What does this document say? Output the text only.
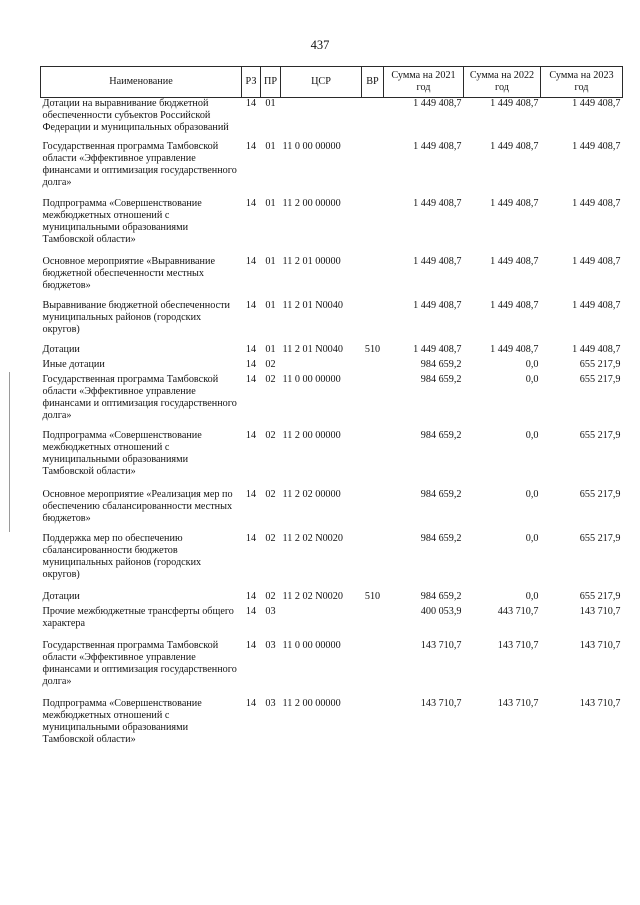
437
Наименование	РЗ	ПР	ЦСР	ВР	Сумма на 2021 год	Сумма на 2022 год	Сумма на 2023 год
Дотации на выравнивание бюджетной обеспеченности субъектов Российской Федерации и муниципальных образований	14	01			1 449 408,7	1 449 408,7	1 449 408,7
Государственная программа Тамбовской области «Эффективное управление финансами и оптимизация государственного долга»	14	01	11 0 00 00000		1 449 408,7	1 449 408,7	1 449 408,7
Подпрограмма «Совершенствование межбюджетных отношений с муниципальными образованиями Тамбовской области»	14	01	11 2 00 00000		1 449 408,7	1 449 408,7	1 449 408,7
Основное мероприятие «Выравнивание бюджетной обеспеченности местных бюджетов»	14	01	11 2 01 00000		1 449 408,7	1 449 408,7	1 449 408,7
Выравнивание бюджетной обеспеченности муниципальных районов (городских округов)	14	01	11 2 01 N0040		1 449 408,7	1 449 408,7	1 449 408,7
Дотации	14	01	11 2 01 N0040	510	1 449 408,7	1 449 408,7	1 449 408,7
Иные дотации	14	02			984 659,2	0,0	655 217,9
Государственная программа Тамбовской области «Эффективное управление финансами и оптимизация государственного долга»	14	02	11 0 00 00000		984 659,2	0,0	655 217,9
Подпрограмма «Совершенствование межбюджетных отношений с муниципальными образованиями Тамбовской области»	14	02	11 2 00 00000		984 659,2	0,0	655 217,9
Основное мероприятие «Реализация мер по обеспечению сбалансированности местных бюджетов»	14	02	11 2 02 00000		984 659,2	0,0	655 217,9
Поддержка мер по обеспечению сбалансированности бюджетов муниципальных районов (городских округов)	14	02	11 2 02 N0020		984 659,2	0,0	655 217,9
Дотации	14	02	11 2 02 N0020	510	984 659,2	0,0	655 217,9
Прочие межбюджетные трансферты общего характера	14	03			400 053,9	443 710,7	143 710,7
Государственная программа Тамбовской области «Эффективное управление финансами и оптимизация государственного долга»	14	03	11 0 00 00000		143 710,7	143 710,7	143 710,7
Подпрограмма «Совершенствование межбюджетных отношений с муниципальными образованиями Тамбовской области»	14	03	11 2 00 00000		143 710,7	143 710,7	143 710,7
